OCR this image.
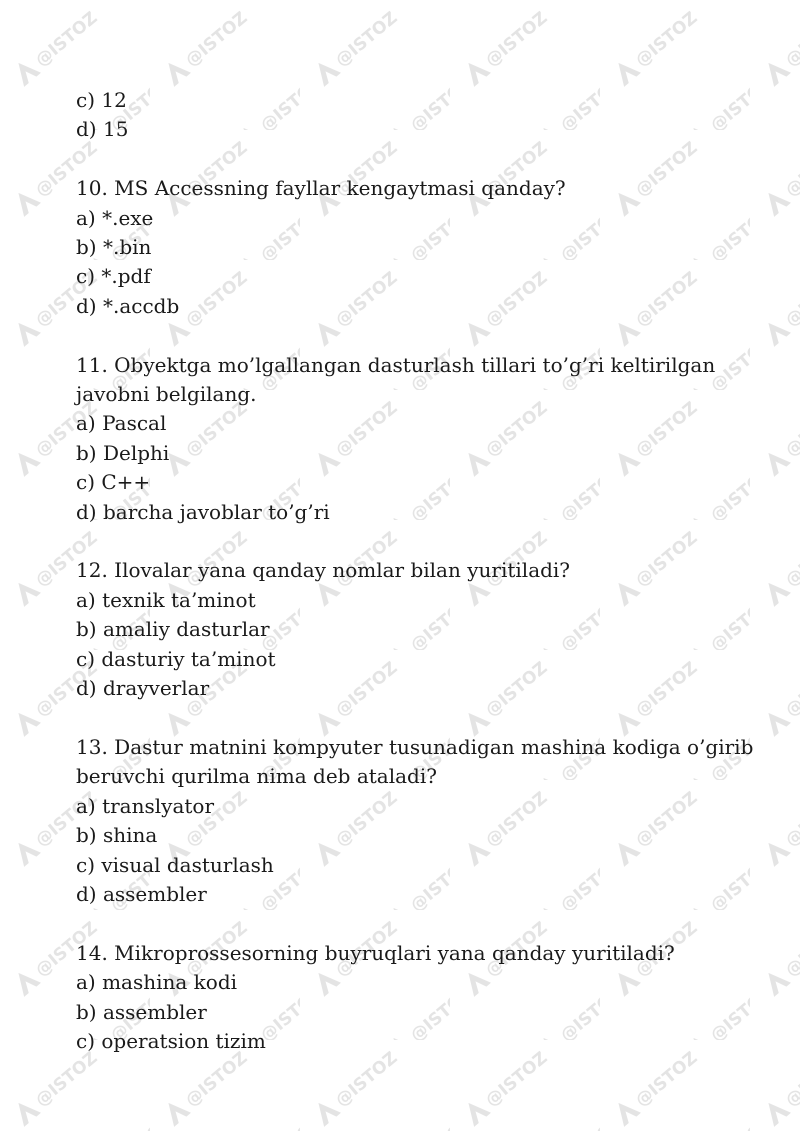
c) 12
d) 15
10. MS Accessning fayllar kengaytmasi qanday?
a) *.exe
b) *.bin
c) *.pdf
d) *.accdb
11. Obyektga mo’lgallangan dasturlash tillari to’g’ri keltirilgan javobni belgilang.
a) Pascal
b) Delphi
c) C++
d) barcha javoblar to’g’ri
12. Ilovalar yana qanday nomlar bilan yuritiladi?
a) texnik ta’minot
b) amaliy dasturlar
c) dasturiy ta’minot
d) drayverlar
13. Dastur matnini kompyuter tusunadigan mashina kodiga o’girib beruvchi qurilma nima deb ataladi?
a) translyator
b) shina
c) visual dasturlash
d) assembler
14. Mikroprossesorning buyruqlari yana qanday yuritiladi?
a) mashina kodi
b) assembler
c) operatsion tizim
